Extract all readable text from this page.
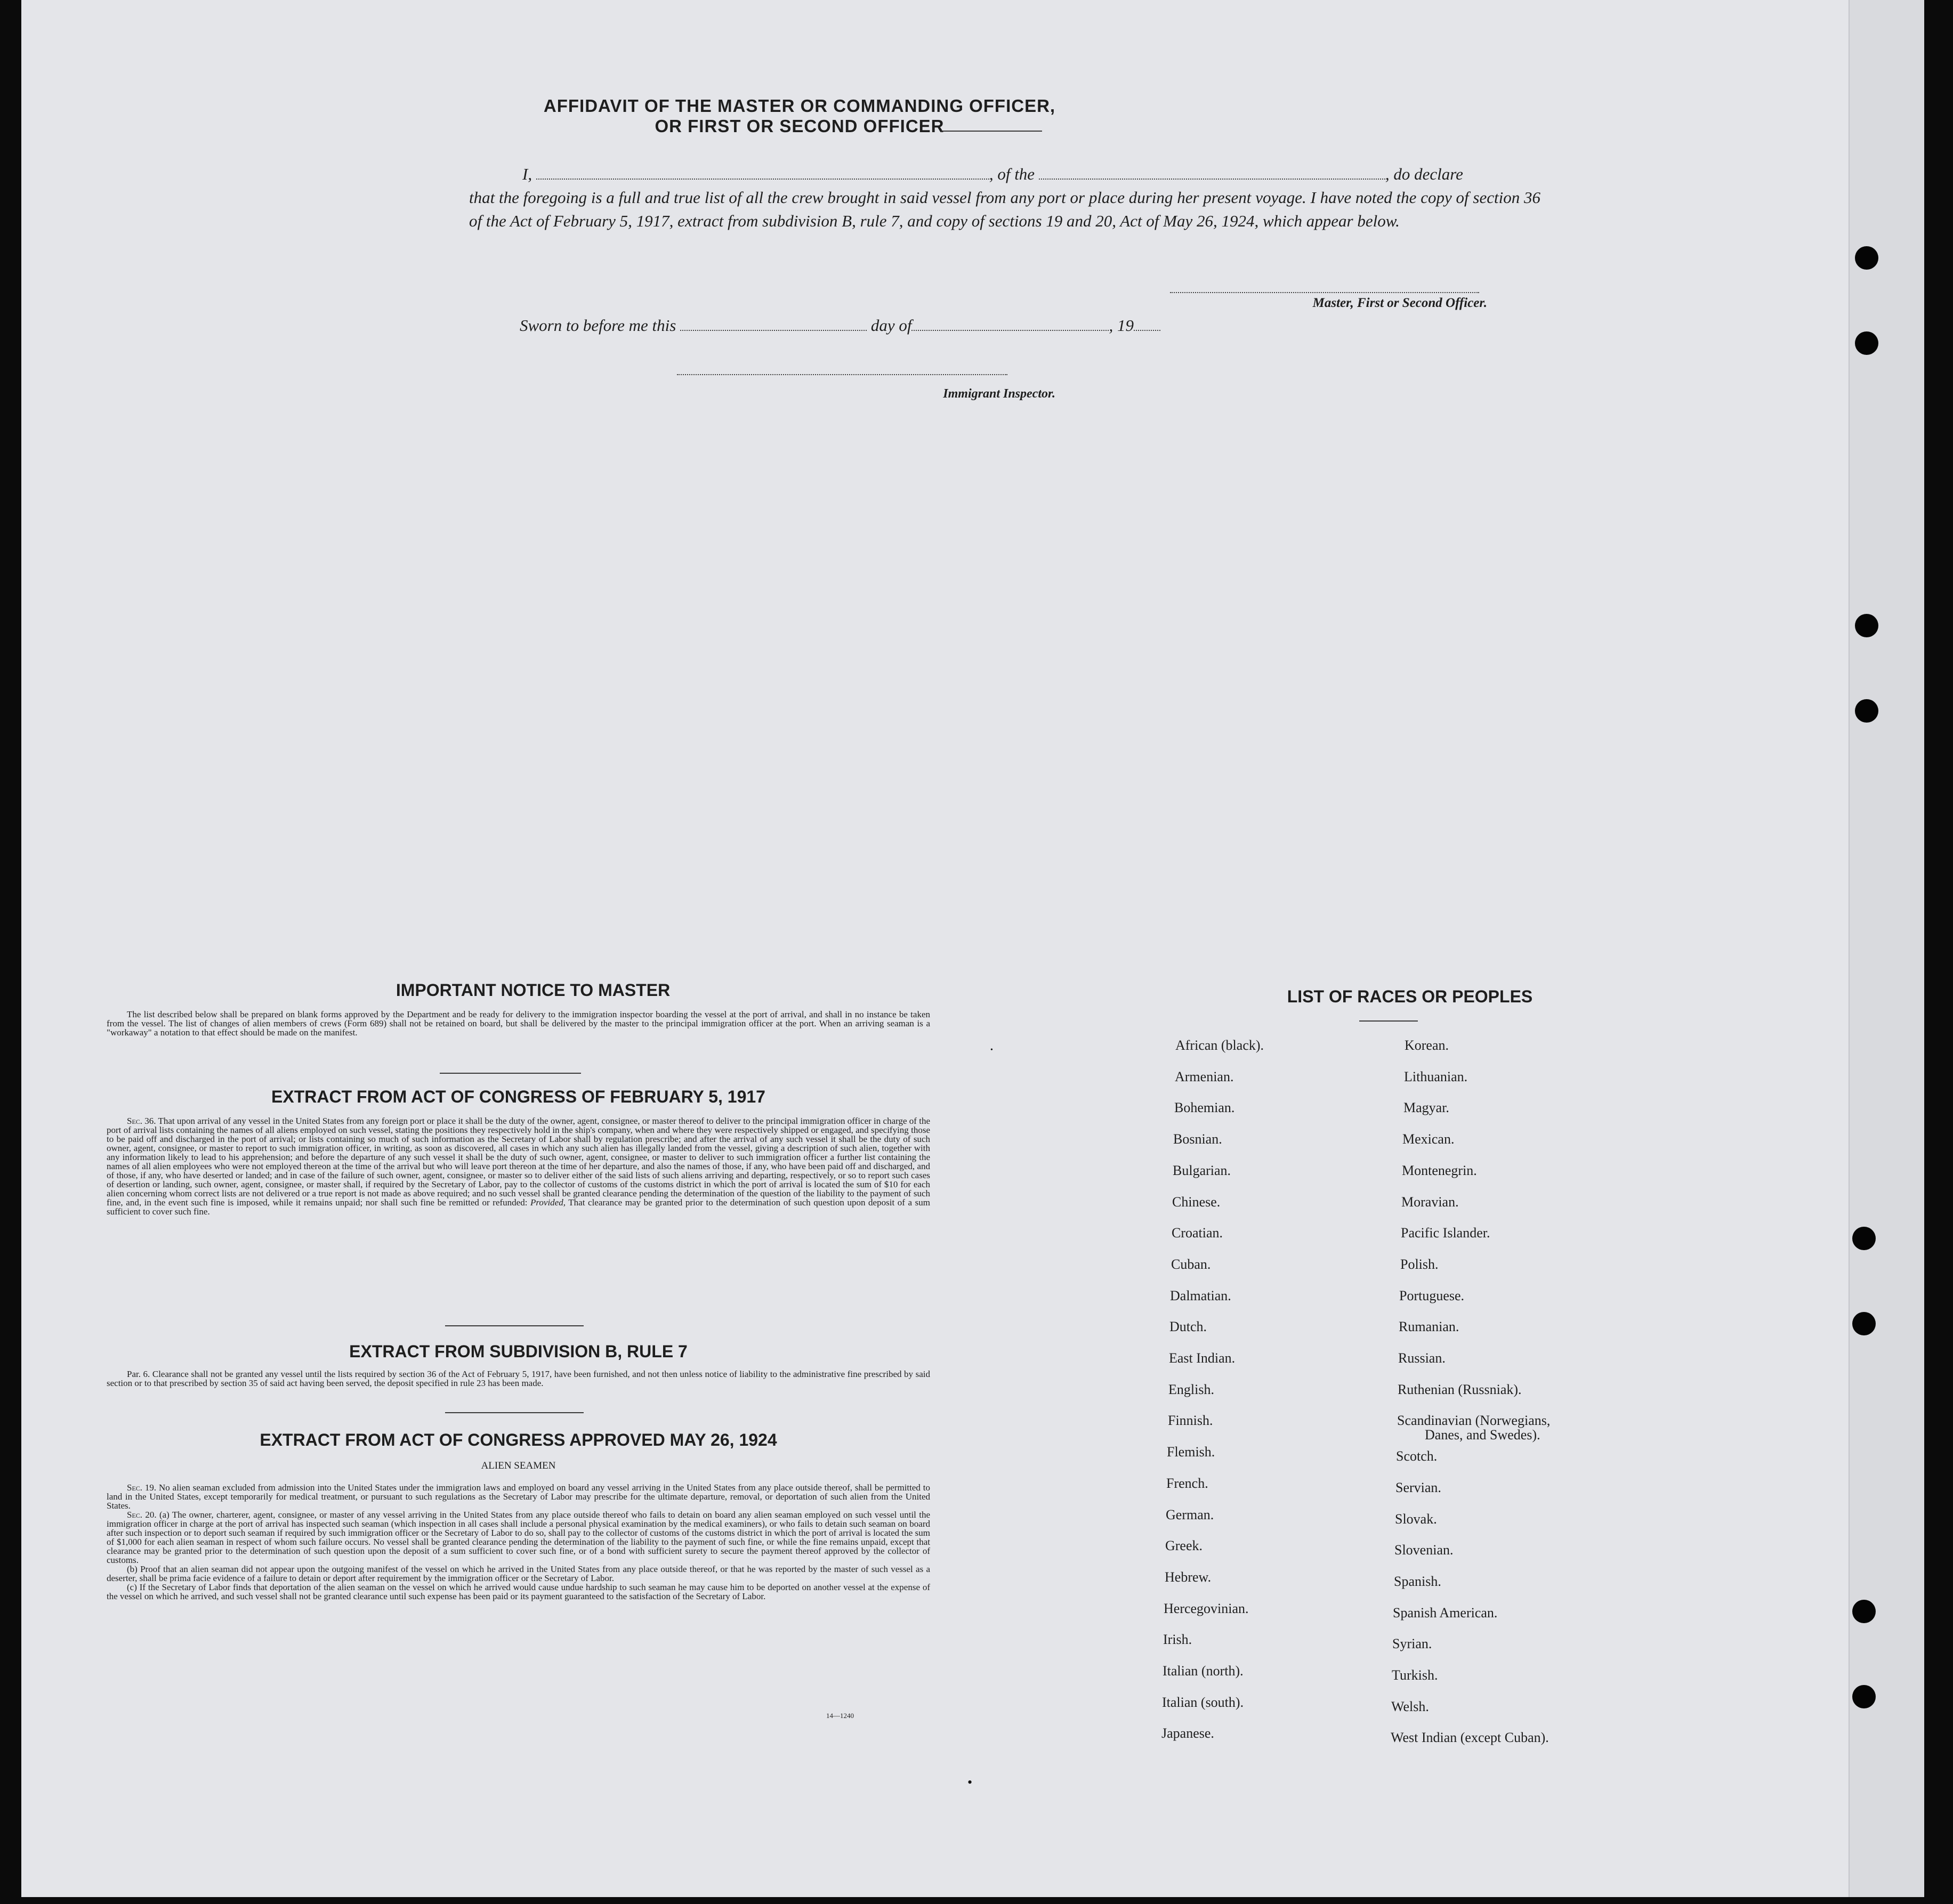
AFFIDAVIT OF THE MASTER OR COMMANDING OFFICER, OR FIRST OR SECOND OFFICER
I,	, of the	, do declare
that the foregoing is a full and true list of all the crew brought in said vessel from any port or place during her present voyage. I have noted the copy of section 36 of the Act of February 5, 1917, extract from subdivision B, rule 7, and copy of sections 19 and 20, Act of May 26, 1924, which appear below.
Master, First or Second Officer.
Sworn to before me this	day of	, 19
Immigrant Inspector.
IMPORTANT NOTICE TO MASTER

The list described below shall be prepared on blank forms approved by the Department and be ready for delivery to the immigration inspector boarding the vessel at the port of arrival, and shall in no instance be taken from the vessel. The list of changes of alien members of crews (Form 689) shall not be retained on board, but shall be delivered by the master to the principal immigration officer at the port. When an arriving seaman is a "workaway" a notation to that effect should be made on the manifest.

EXTRACT FROM ACT OF CONGRESS OF FEBRUARY 5, 1917

Sec. 36. That upon arrival of any vessel in the United States from any foreign port or place it shall be the duty of the owner, agent, consignee, or master thereof to deliver to the principal immigration officer in charge of the port of arrival lists containing the names of all aliens employed on such vessel, stating the positions they respectively hold in the ship's company, when and where they were respectively shipped or engaged, and specifying those to be paid off and discharged in the port of arrival; or lists containing so much of such information as the Secretary of Labor shall by regulation prescribe; and after the arrival of any such vessel it shall be the duty of such owner, agent, consignee, or master to report to such immigration officer, in writing, as soon as discovered, all cases in which any such alien has illegally landed from the vessel, giving a description of such alien, together with any information likely to lead to his apprehension; and before the departure of any such vessel it shall be the duty of such owner, agent, consignee, or master to deliver to such immigration officer a further list containing the names of all alien employees who were not employed thereon at the time of the arrival but who will leave port thereon at the time of her departure, and also the names of those, if any, who have been paid off and discharged, and of those, if any, who have deserted or landed; and in case of the failure of such owner, agent, consignee, or master so to deliver either of the said lists of such aliens arriving and departing, respectively, or so to report such cases of desertion or landing, such owner, agent, consignee, or master shall, if required by the Secretary of Labor, pay to the collector of customs of the customs district in which the port of arrival is located the sum of $10 for each alien concerning whom correct lists are not delivered or a true report is not made as above required; and no such vessel shall be granted clearance pending the determination of the question of the liability to the payment of such fine, and, in the event such fine is imposed, while it remains unpaid; nor shall such fine be remitted or refunded: Provided, That clearance may be granted prior to the determination of such question upon deposit of a sum sufficient to cover such fine.

EXTRACT FROM SUBDIVISION B, RULE 7

Par. 6. Clearance shall not be granted any vessel until the lists required by section 36 of the Act of February 5, 1917, have been furnished, and not then unless notice of liability to the administrative fine prescribed by said section or to that prescribed by section 35 of said act having been served, the deposit specified in rule 23 has been made.

EXTRACT FROM ACT OF CONGRESS APPROVED MAY 26, 1924
ALIEN SEAMEN

Sec. 19. No alien seaman excluded from admission into the United States under the immigration laws and employed on board any vessel arriving in the United States from any place outside thereof, shall be permitted to land in the United States, except temporarily for medical treatment, or pursuant to such regulations as the Secretary of Labor may prescribe for the ultimate departure, removal, or deportation of such alien from the United States.

Sec. 20. (a) The owner, charterer, agent, consignee, or master of any vessel arriving in the United States from any place outside thereof who fails to detain on board any alien seaman employed on such vessel until the immigration officer in charge at the port of arrival has inspected such seaman (which inspection in all cases shall include a personal physical examination by the medical examiners), or who fails to detain such seaman on board after such inspection or to deport such seaman if required by such immigration officer or the Secretary of Labor to do so, shall pay to the collector of customs of the customs district in which the port of arrival is located the sum of $1,000 for each alien seaman in respect of whom such failure occurs. No vessel shall be granted clearance pending the determination of the liability to the payment of such fine, or while the fine remains unpaid, except that clearance may be granted prior to the determination of such question upon the deposit of a sum sufficient to cover such fine, or of a bond with sufficient surety to secure the payment thereof approved by the collector of customs.

(b) Proof that an alien seaman did not appear upon the outgoing manifest of the vessel on which he arrived in the United States from any place outside thereof, or that he was reported by the master of such vessel as a deserter, shall be prima facie evidence of a failure to detain or deport after requirement by the immigration officer or the Secretary of Labor.

(c) If the Secretary of Labor finds that deportation of the alien seaman on the vessel on which he arrived would cause undue hardship to such seaman he may cause him to be deported on another vessel at the expense of the vessel on which he arrived, and such vessel shall not be granted clearance until such expense has been paid or its payment guaranteed to the satisfaction of the Secretary of Labor.

14—1240
LIST OF RACES OR PEOPLES
African (black).
Armenian.
Bohemian.
Bosnian.
Bulgarian.
Chinese.
Croatian.
Cuban.
Dalmatian.
Dutch.
East Indian.
English.
Finnish.
Flemish.
French.
German.
Greek.
Hebrew.
Hercegovinian.
Irish.
Italian (north).
Italian (south).
Japanese.
Korean.
Lithuanian.
Magyar.
Mexican.
Montenegrin.
Moravian.
Pacific Islander.
Polish.
Portuguese.
Rumanian.
Russian.
Ruthenian (Russniak).
Scandinavian (Norwegians,
Danes, and Swedes).
Scotch.
Servian.
Slovak.
Slovenian.
Spanish.
Spanish American.
Syrian.
Turkish.
Welsh.
West Indian (except Cuban).
•
•
